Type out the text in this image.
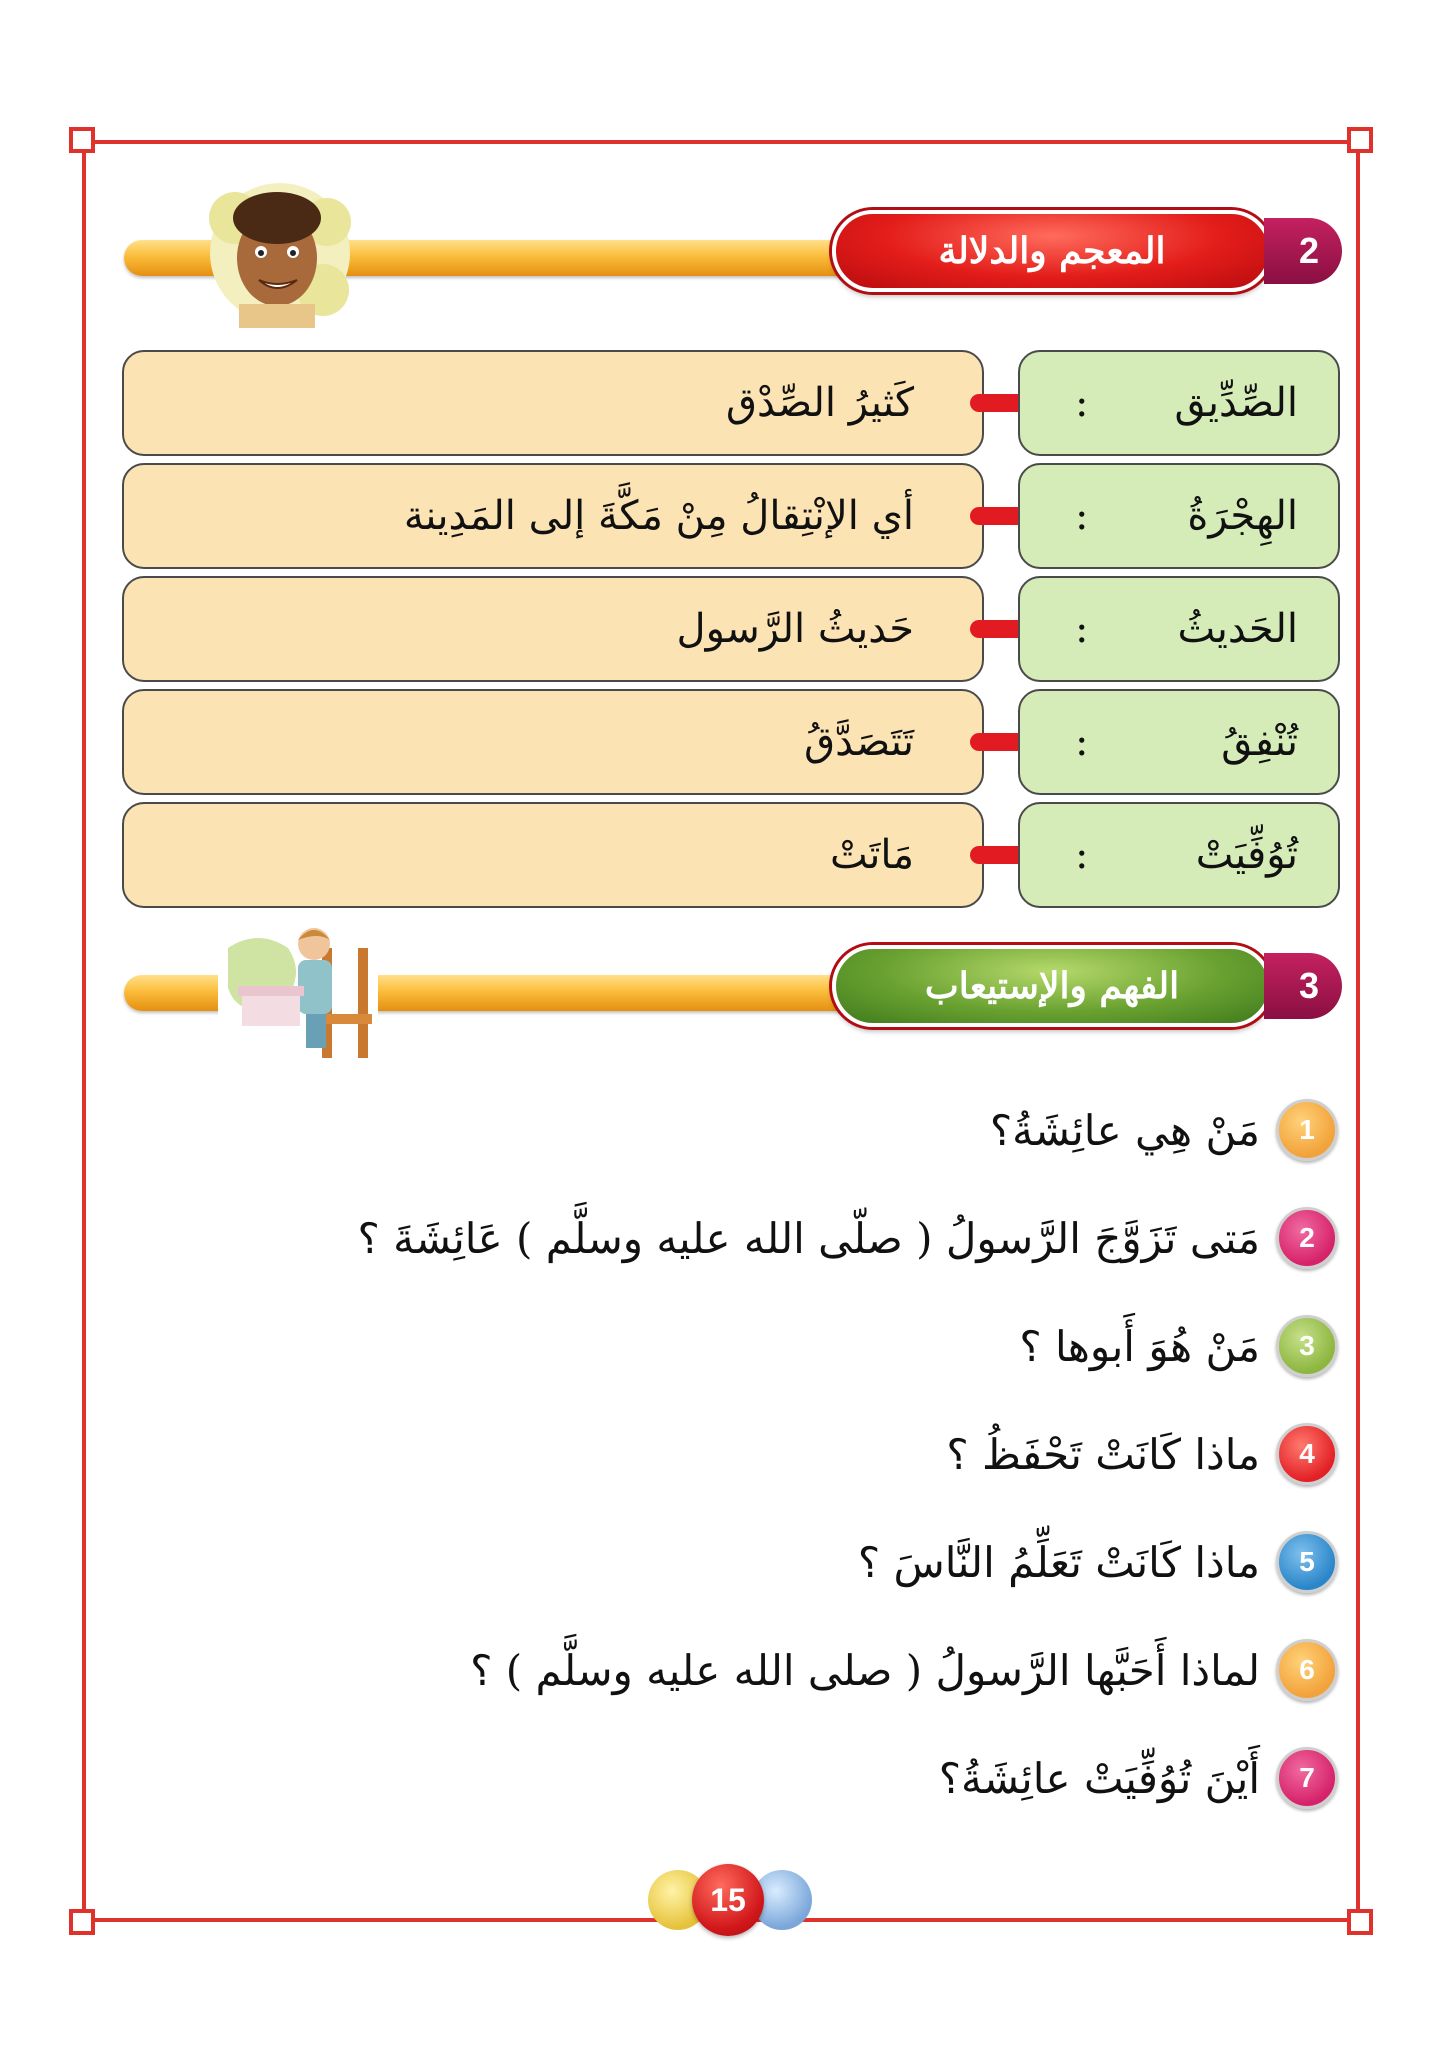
المعجم والدلالة	2
كَثيرُ الصِّدْق	: الصِّدِّيق
أي الإنْتِقالُ مِنْ مَكَّةَ إلى المَدِينة	: الهِجْرَةُ
حَديثُ الرَّسول	: الحَديثُ
تَتَصَدَّقُ	:	تُنْفِقُ
مَاتَتْ	:	تُوُفِّيَتْ
الفهم والإستيعاب	3
1
مَنْ هِي عائِشَةُ؟
2
مَتى تَزَوَّجَ الرَّسولُ ( صلّى الله عليه وسلَّم ) عَائِشَةَ ؟
3
مَنْ هُوَ أَبوها ؟
4
ماذا كَانَتْ تَحْفَظُ ؟
5
ماذا كَانَتْ تَعَلِّمُ النَّاسَ ؟
6
لماذا أَحَبَّها الرَّسولُ ( صلى الله عليه وسلَّم ) ؟
7
أَيْنَ تُوُفِّيَتْ عائِشَةُ؟
15
